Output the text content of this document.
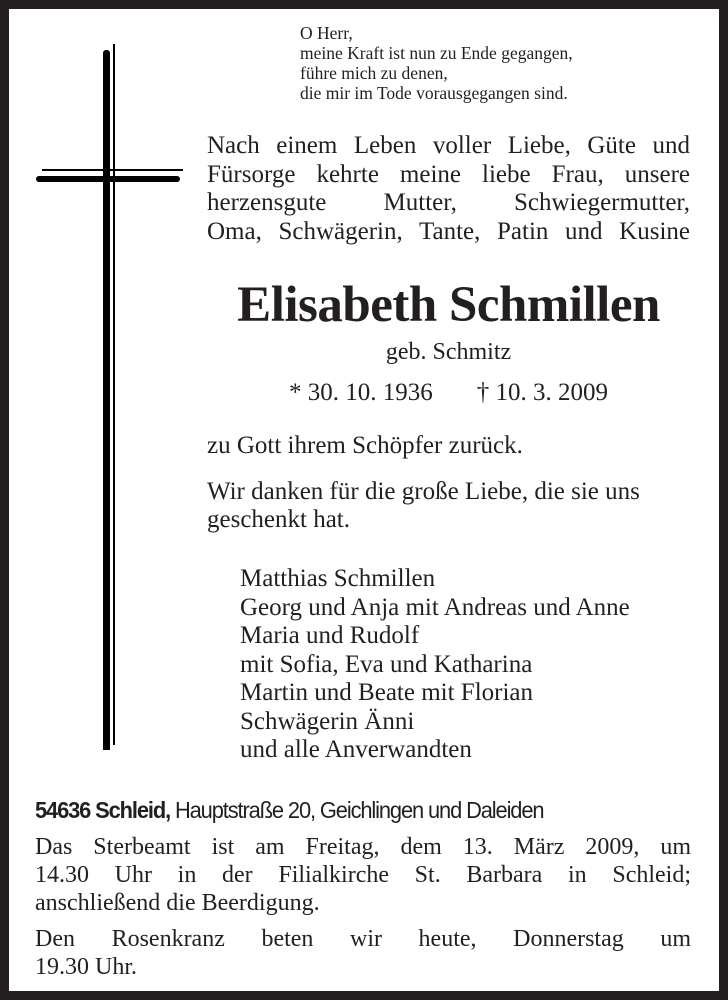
O Herr,
meine Kraft ist nun zu Ende gegangen,
führe mich zu denen,
die mir im Tode vorausgegangen sind.
Nach einem Leben voller Liebe, Güte und
Fürsorge kehrte meine liebe Frau, unsere
herzensgute Mutter, Schwiegermutter,
Oma, Schwägerin, Tante, Patin und Kusine
Elisabeth Schmillen
geb. Schmitz
* 30. 10. 1936 † 10. 3. 2009
zu Gott ihrem Schöpfer zurück.
Wir danken für die große Liebe, die sie uns
geschenkt hat.
Matthias Schmillen
Georg und Anja mit Andreas und Anne
Maria und Rudolf
mit Sofia, Eva und Katharina
Martin und Beate mit Florian
Schwägerin Änni
und alle Anverwandten
54636 Schleid, Hauptstraße 20, Geichlingen und Daleiden
Das Sterbeamt ist am Freitag, dem 13. März 2009, um
14.30 Uhr in der Filialkirche St. Barbara in Schleid;
anschließend die Beerdigung.
Den Rosenkranz beten wir heute, Donnerstag um
19.30 Uhr.
